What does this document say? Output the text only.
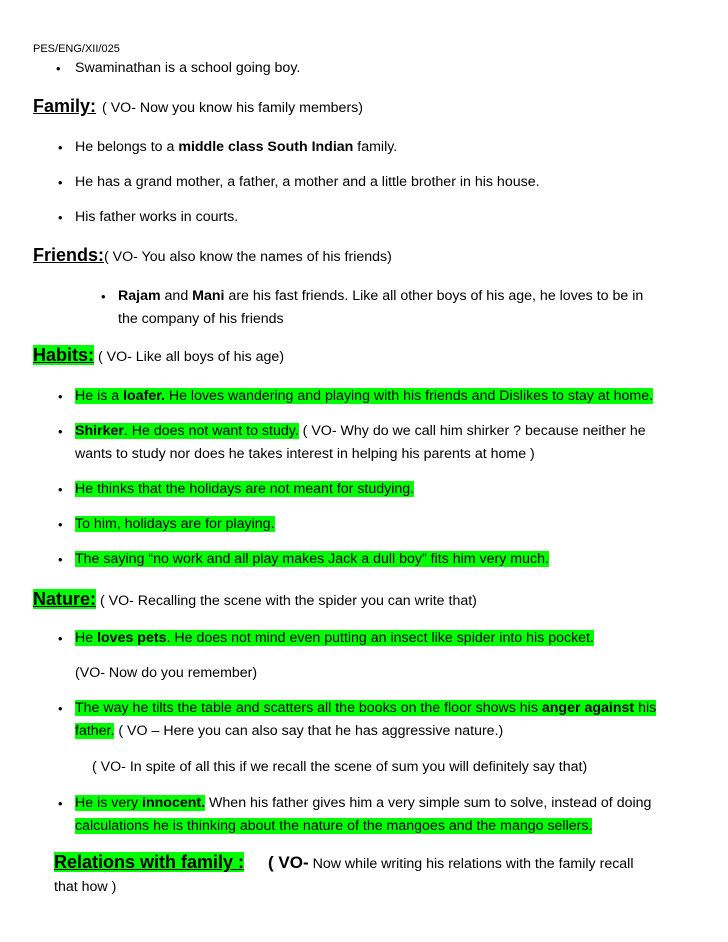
PES/ENG/XII/025
• Swaminathan is a school going boy.
Family: ( VO- Now you know his family members)
• He belongs to a middle class South Indian family.
• He has a grand mother, a father, a mother and a little brother in his house.
• His father works in courts.
Friends:( VO- You also know the names of his friends)
• Rajam and Mani are his fast friends. Like all other boys of his age, he loves to be in
the company of his friends
Habits: ( VO- Like all boys of his age)
• He is a loafer. He loves wandering and playing with his friends and Dislikes to stay at home.
• Shirker. He does not want to study. ( VO- Why do we call him shirker ? because neither he
wants to study nor does he takes interest in helping his parents at home )
• He thinks that the holidays are not meant for studying.
• To him, holidays are for playing.
• The saying “no work and all play makes Jack a dull boy” fits him very much.
Nature: ( VO- Recalling the scene with the spider you can write that)
• He loves pets. He does not mind even putting an insect like spider into his pocket.
(VO- Now do you remember)
• The way he tilts the table and scatters all the books on the floor shows his anger against his
father. ( VO – Here you can also say that he has aggressive nature.)
( VO- In spite of all this if we recall the scene of sum you will definitely say that)
• He is very innocent. When his father gives him a very simple sum to solve, instead of doing
calculations he is thinking about the nature of the mangoes and the mango sellers.
Relations with family : ( VO- Now while writing his relations with the family recall
that how )
